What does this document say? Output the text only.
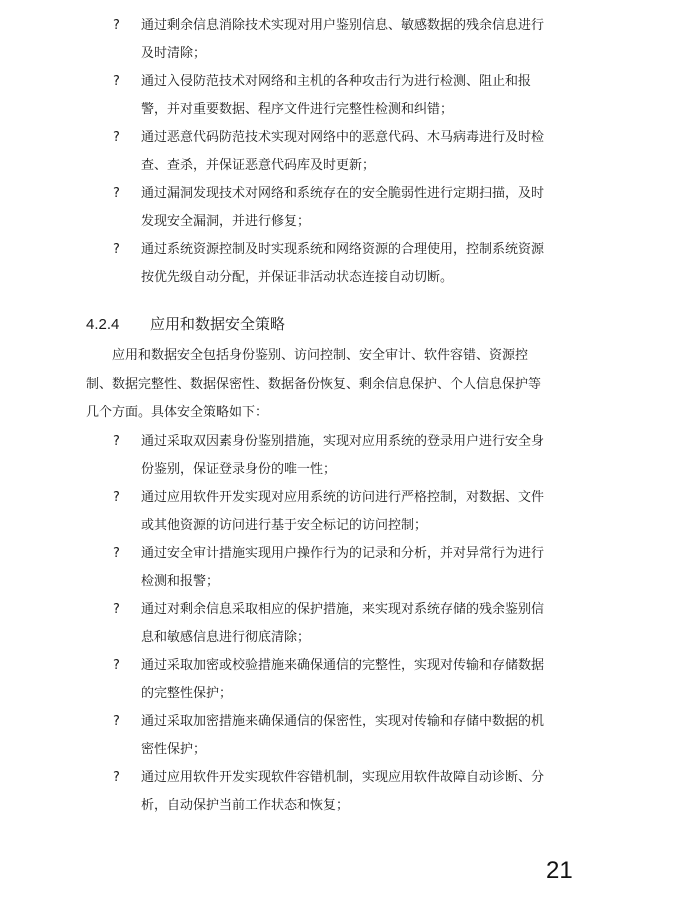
? 通过剩余信息消除技术实现对用户鉴别信息、敏感数据的残余信息进行及时清除；
? 通过入侵防范技术对网络和主机的各种攻击行为进行检测、阻止和报警，并对重要数据、程序文件进行完整性检测和纠错；
? 通过恶意代码防范技术实现对网络中的恶意代码、木马病毒进行及时检查、查杀，并保证恶意代码库及时更新；
? 通过漏洞发现技术对网络和系统存在的安全脆弱性进行定期扫描，及时发现安全漏洞，并进行修复；
? 通过系统资源控制及时实现系统和网络资源的合理使用，控制系统资源按优先级自动分配，并保证非活动状态连接自动切断。
4.2.4 应用和数据安全策略

应用和数据安全包括身份鉴别、访问控制、安全审计、软件容错、资源控制、数据完整性、数据保密性、数据备份恢复、剩余信息保护、个人信息保护等几个方面。具体安全策略如下：

? 通过采取双因素身份鉴别措施，实现对应用系统的登录用户进行安全身份鉴别，保证登录身份的唯一性；
? 通过应用软件开发实现对应用系统的访问进行严格控制，对数据、文件或其他资源的访问进行基于安全标记的访问控制；
? 通过安全审计措施实现用户操作行为的记录和分析，并对异常行为进行检测和报警；
? 通过对剩余信息采取相应的保护措施，来实现对系统存储的残余鉴别信息和敏感信息进行彻底清除；
? 通过采取加密或校验措施来确保通信的完整性，实现对传输和存储数据的完整性保护；
? 通过采取加密措施来确保通信的保密性，实现对传输和存储中数据的机密性保护；
? 通过应用软件开发实现软件容错机制，实现应用软件故障自动诊断、分析，自动保护当前工作状态和恢复；
21
